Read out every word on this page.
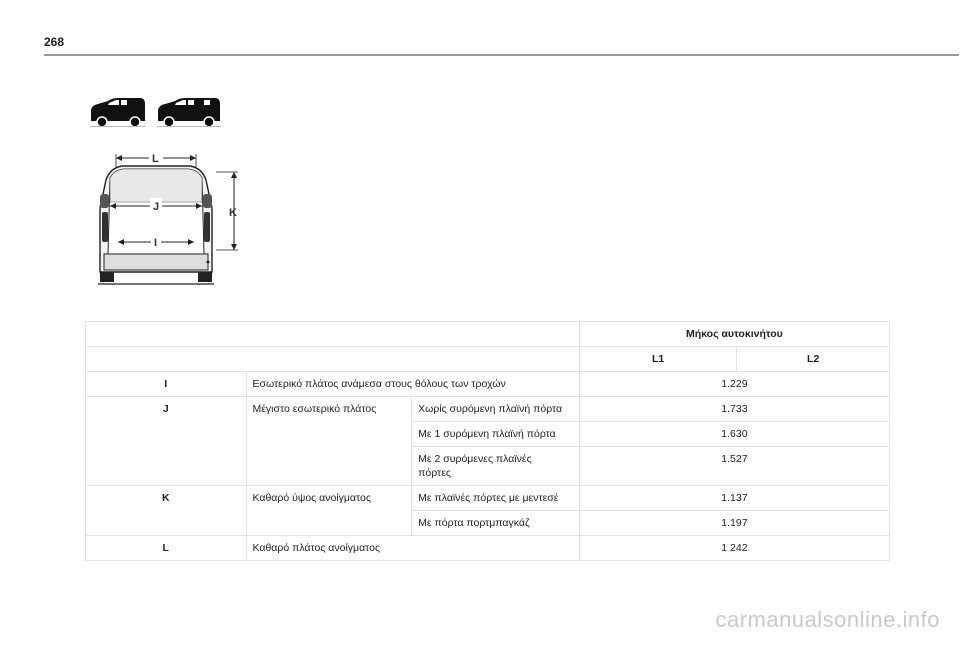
268
L
J
I
K
			Μήκος αυτοκινήτου	
			L1	L2
I	Εσωτερικό πλάτος ανάμεσα στους θόλους των τροχών		1.229	
J	Μέγιστο εσωτερικό πλάτος	Χωρίς συρόμενη πλαϊνή πόρτα	1.733	
		Με 1 συρόμενη πλαϊνή πόρτα	1.630	
		Με 2 συρόμενες πλαϊνές
πόρτες	1.527	
K	Καθαρό ύψος ανοίγματος	Με πλαϊνές πόρτες με μεντεσέ	1.137	
		Με πόρτα πορτμπαγκάζ	1.197	
L	Καθαρό πλάτος ανοίγματος		1 242	
carmanualsonline.info
